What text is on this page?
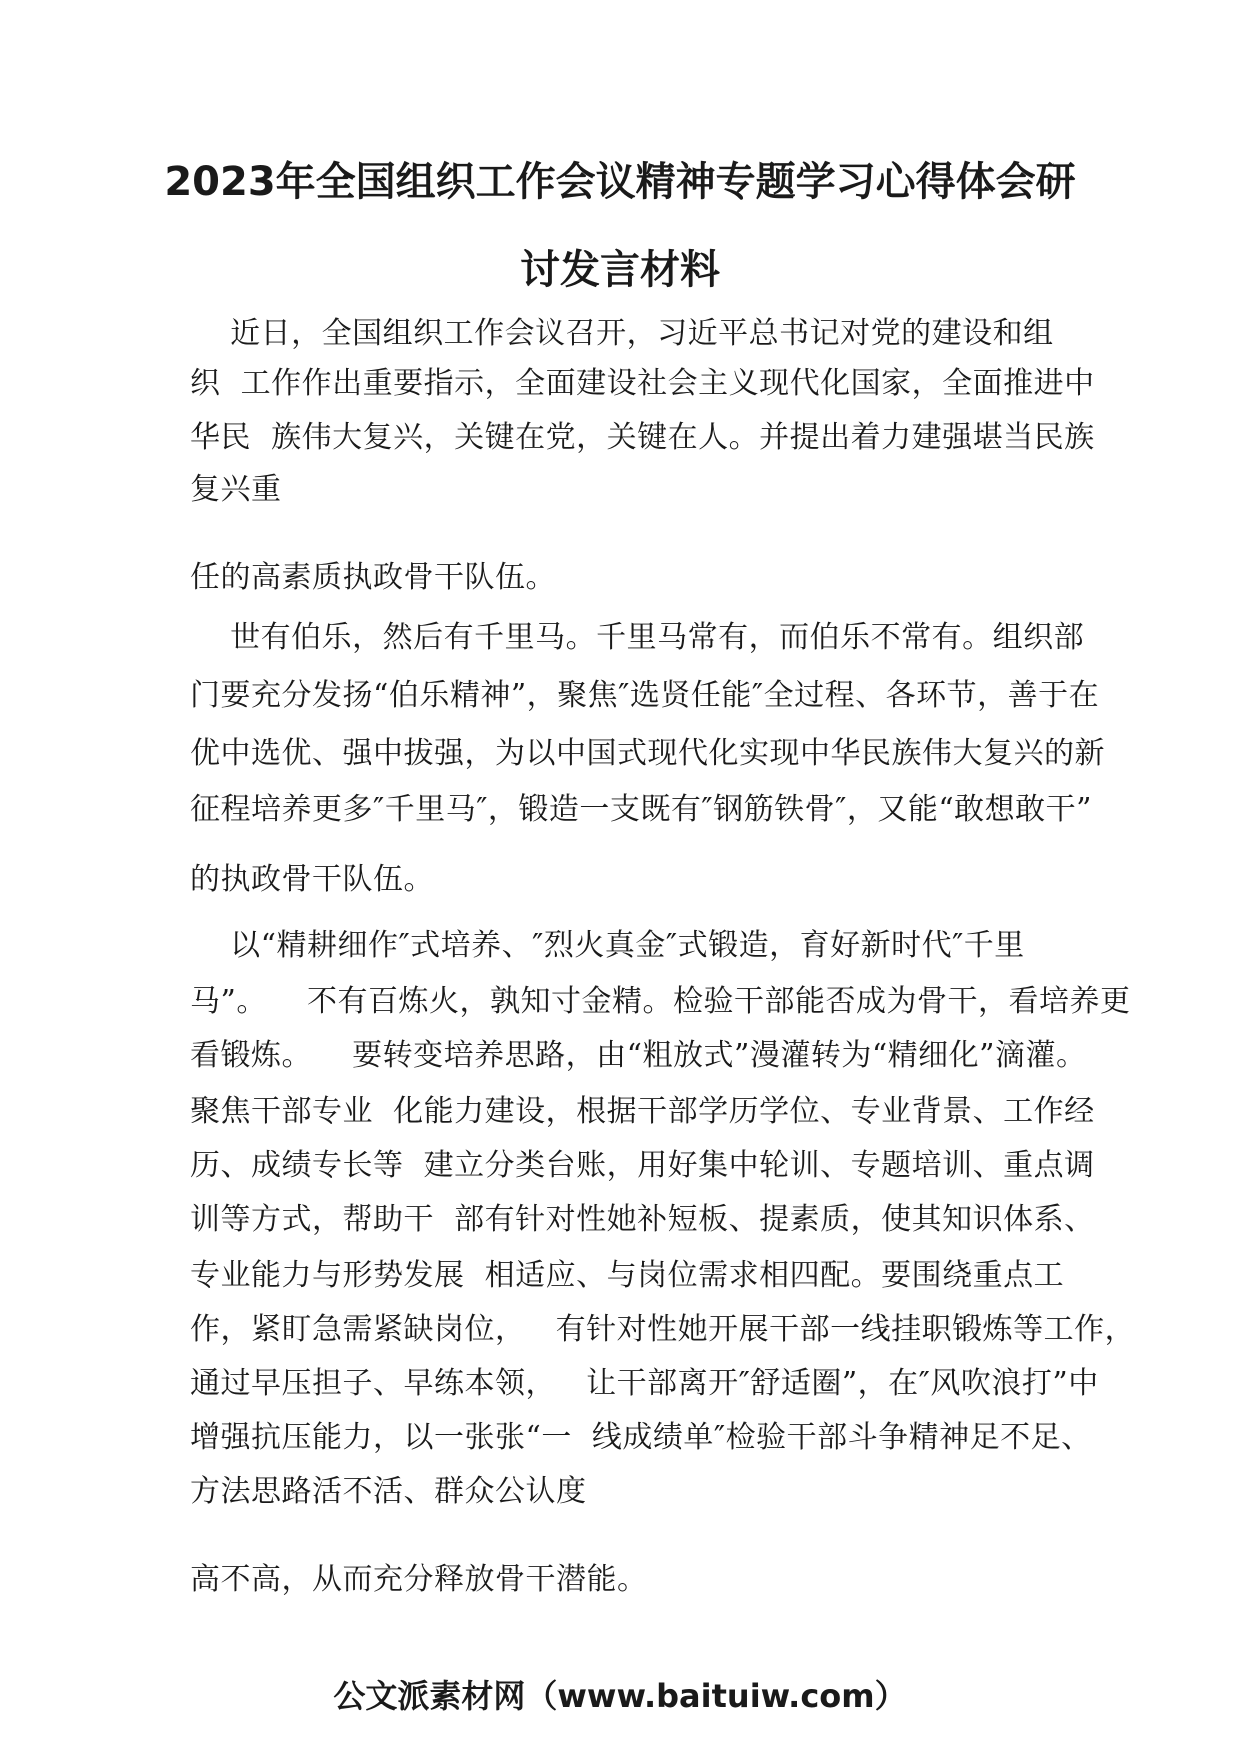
2023年全国组织工作会议精神专题学习心得体会研
讨发言材料
近日，全国组织工作会议召开，习近平总书记对党的建设和组
织  工作作出重要指示，全面建设社会主义现代化国家，全面推进中
华民  族伟大复兴，关键在党，关键在人。并提出着力建强堪当民族
复兴重
任的高素质执政骨干队伍。
世有伯乐，然后有千里马。千里马常有，而伯乐不常有。组织部
门要充分发扬“伯乐精神”，聚焦″选贤任能″全过程、各环节，善于在
优中选优、强中拔强，为以中国式现代化实现中华民族伟大复兴的新
征程培养更多″千里马″，锻造一支既有″钢筋铁骨″，又能“敢想敢干”
的执政骨干队伍。
以“精耕细作″式培养、″烈火真金″式锻造，育好新时代″千里
马”。    不有百炼火，孰知寸金精。检验干部能否成为骨干，看培养更
看锻炼。    要转变培养思路，由“粗放式”漫灌转为“精细化”滴灌。
聚焦干部专业  化能力建设，根据干部学历学位、专业背景、工作经
历、成绩专长等  建立分类台账，用好集中轮训、专题培训、重点调
训等方式，帮助干  部有针对性她补短板、提素质，使其知识体系、
专业能力与形势发展  相适应、与岗位需求相四配。要围绕重点工
作，紧盯急需紧缺岗位，   有针对性她开展干部一线挂职锻炼等工作，
通过早压担子、早练本领，   让干部离开″舒适圈”，在″风吹浪打”中
增强抗压能力，以一张张“一  线成绩单″检验干部斗争精神足不足、
方法思路活不活、群众公认度
高不高，从而充分释放骨干潜能。
公文派素材网（www.baituiw.com）
